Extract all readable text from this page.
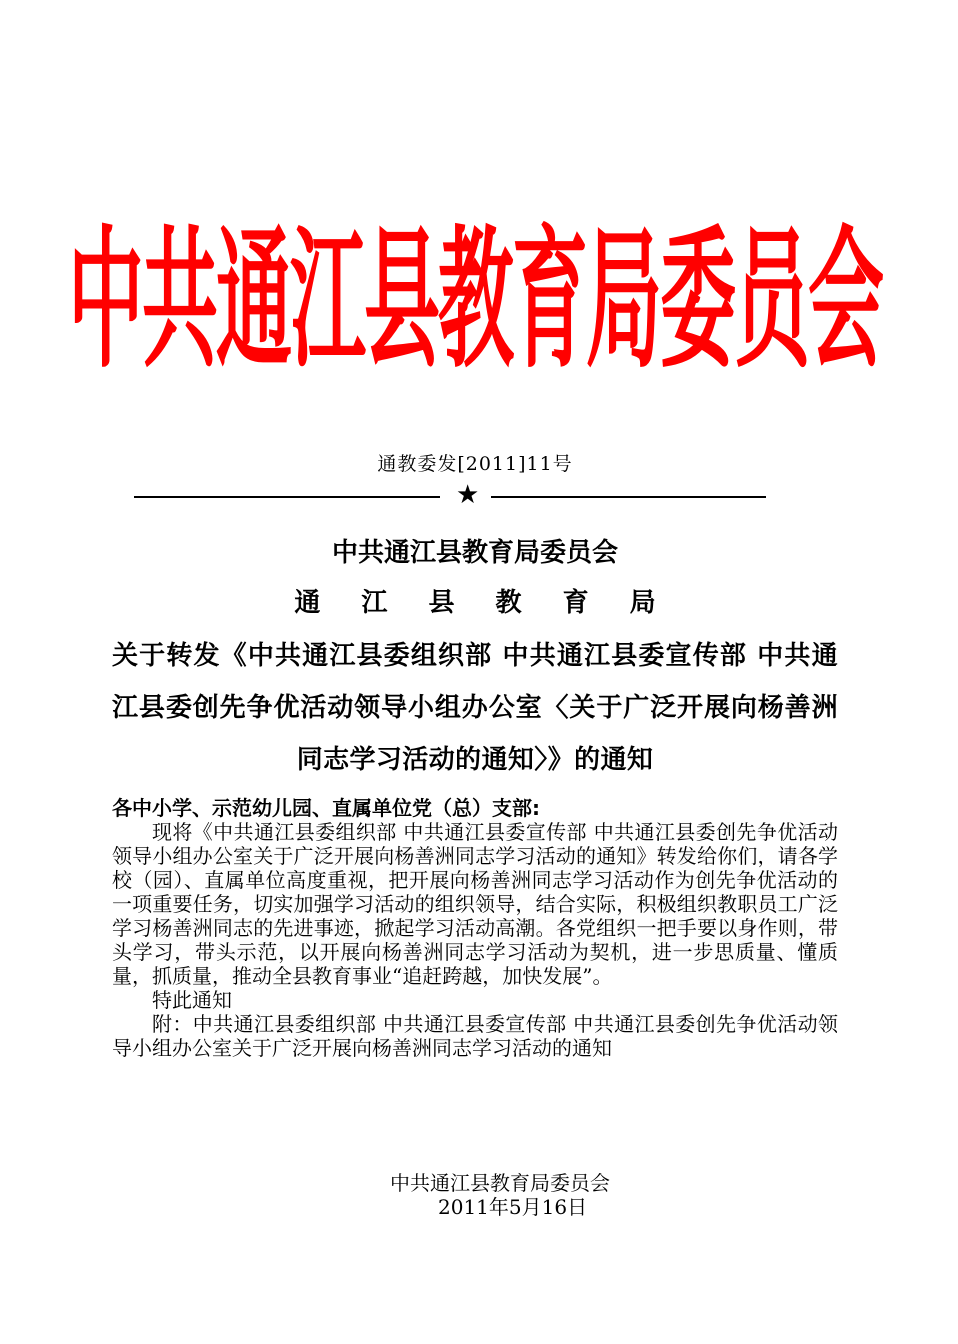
中共通江县教育局委员会
通教委发[2011]11号
★
中共通江县教育局委员会
通 江 县 教 育 局
关于转发《中共通江县委组织部 中共通江县委宣传部 中共通江县委创先争优活动领导小组办公室〈关于广泛开展向杨善洲同志学习活动的通知〉》的通知
各中小学、示范幼儿园、直属单位党（总）支部:

现将《中共通江县委组织部 中共通江县委宣传部 中共通江县委创先争优活动领导小组办公室关于广泛开展向杨善洲同志学习活动的通知》转发给你们，请各学校（园）、直属单位高度重视，把开展向杨善洲同志学习活动作为创先争优活动的一项重要任务，切实加强学习活动的组织领导，结合实际，积极组织教职员工广泛学习杨善洲同志的先进事迹，掀起学习活动高潮。各党组织一把手要以身作则，带头学习，带头示范，以开展向杨善洲同志学习活动为契机，进一步思质量、懂质量，抓质量，推动全县教育事业“追赶跨越，加快发展”。

特此通知

附：中共通江县委组织部 中共通江县委宣传部 中共通江县委创先争优活动领导小组办公室关于广泛开展向杨善洲同志学习活动的通知

中共通江县教育局委员会
2011年5月16日
